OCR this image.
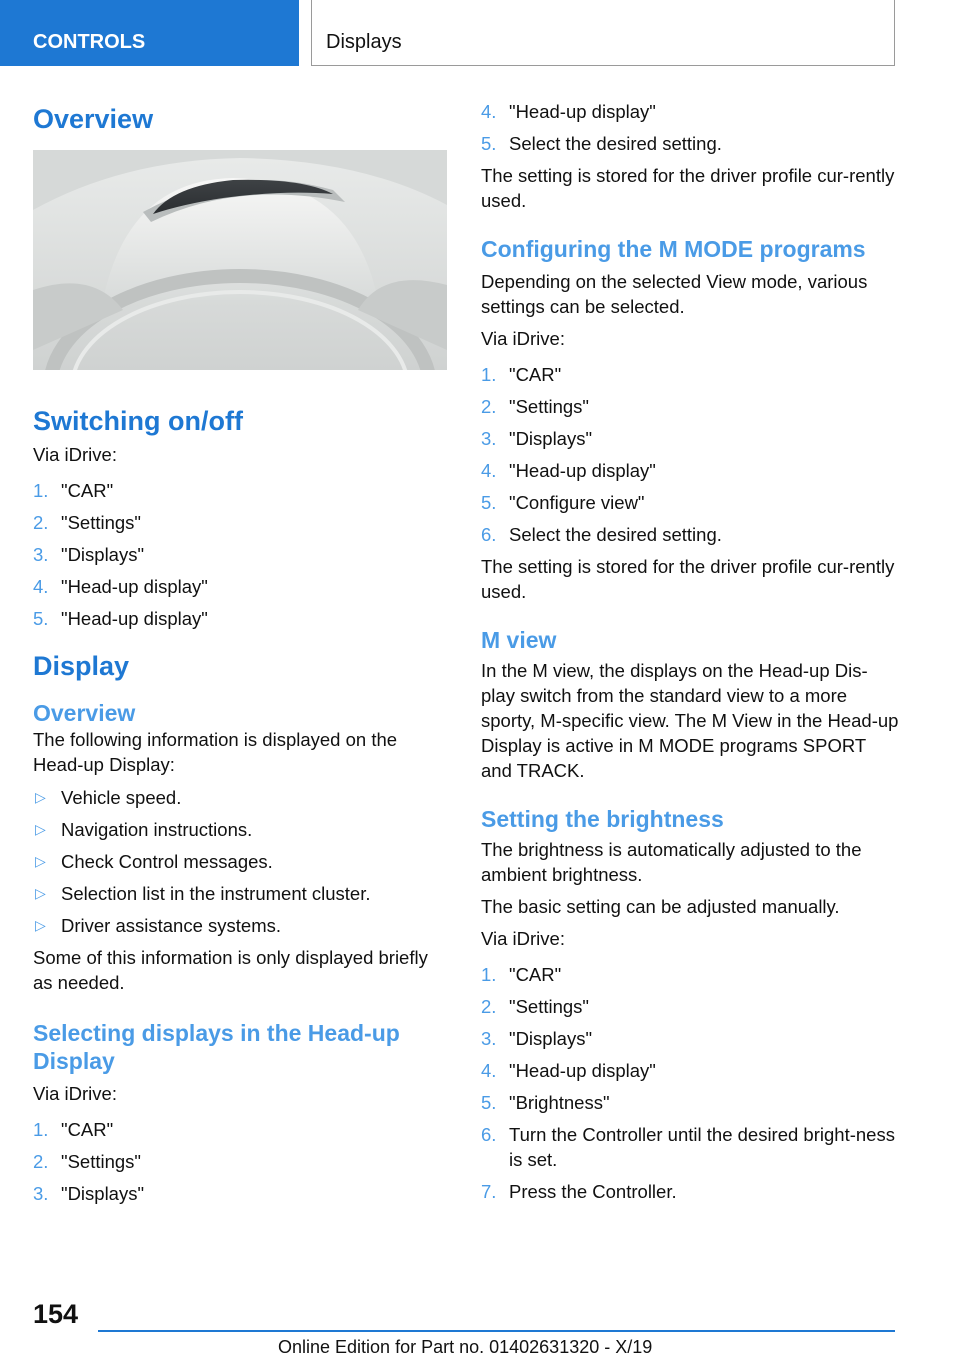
CONTROLS	Displays
Overview
Switching on/off

Via iDrive:

1. "CAR"
2. "Settings"
3. "Displays"
4. "Head-up display"
5. "Head-up display"
Display
Overview

The following information is displayed on the Head-up Display:

▷ Vehicle speed.
▷ Navigation instructions.
▷ Check Control messages.
▷ Selection list in the instrument cluster.
▷ Driver assistance systems.

Some of this information is only displayed briefly as needed.

Selecting displays in the Head-up Display

Via iDrive:

1. "CAR"
2. "Settings"
3. "Displays"
4. "Head-up display"
5. Select the desired setting.

The setting is stored for the driver profile cur-rently used.

Configuring the M MODE programs

Depending on the selected View mode, various settings can be selected.

Via iDrive:

1. "CAR"
2. "Settings"
3. "Displays"
4. "Head-up display"
5. "Configure view"
6. Select the desired setting.

The setting is stored for the driver profile cur-rently used.

M view

In the M view, the displays on the Head-up Dis-play switch from the standard view to a more sporty, M-specific view. The M View in the Head-up Display is active in M MODE programs SPORT and TRACK.

Setting the brightness

The brightness is automatically adjusted to the ambient brightness.

The basic setting can be adjusted manually.

Via iDrive:

1. "CAR"
2. "Settings"
3. "Displays"
4. "Head-up display"
5. "Brightness"
6. Turn the Controller until the desired bright-ness is set.
7. Press the Controller.
154
Online Edition for Part no. 01402631320 - X/19
